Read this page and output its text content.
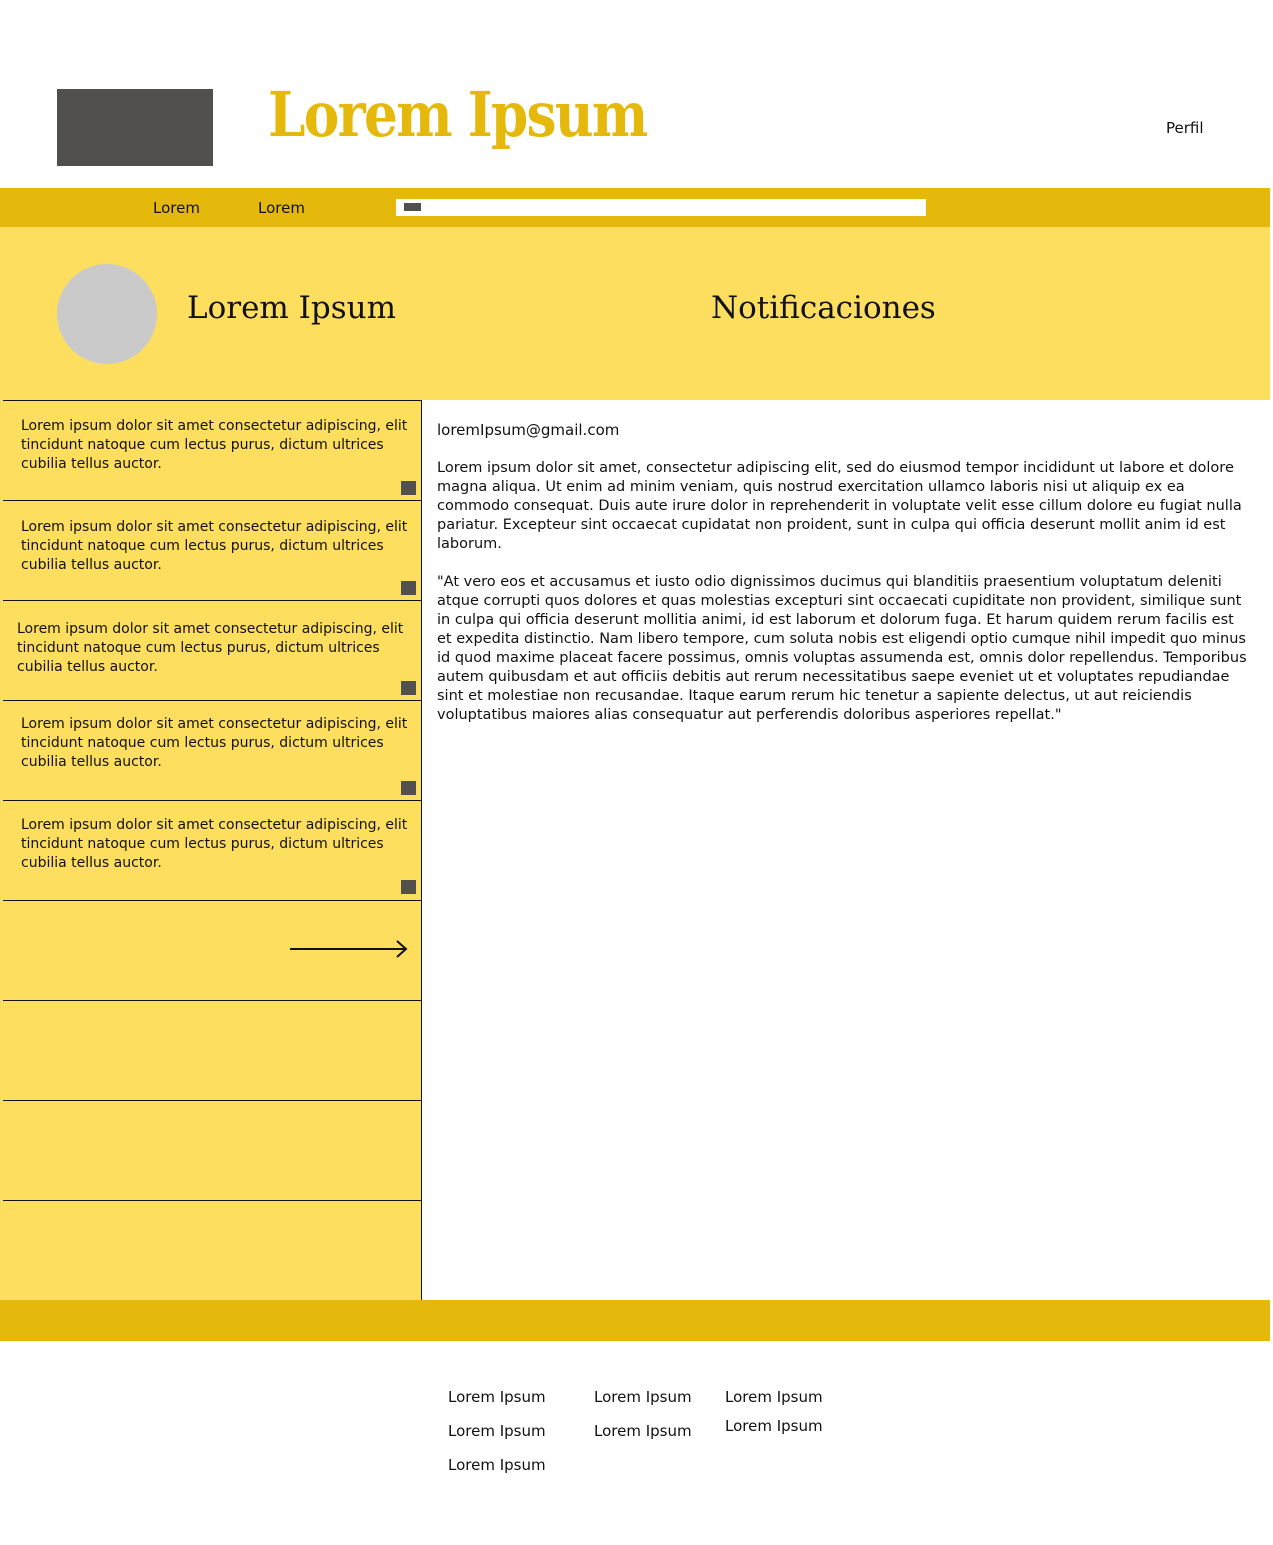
Lorem Ipsum	Perfil
Lorem	Lorem
Lorem Ipsum	Notificaciones

Lorem ipsum dolor sit amet consectetur adipiscing, elit tincidunt natoque cum lectus purus, dictum ultrices cubilia tellus auctor.

Lorem ipsum dolor sit amet consectetur adipiscing, elit tincidunt natoque cum lectus purus, dictum ultrices cubilia tellus auctor.

Lorem ipsum dolor sit amet consectetur adipiscing, elit tincidunt natoque cum lectus purus, dictum ultrices cubilia tellus auctor.

Lorem ipsum dolor sit amet consectetur adipiscing, elit tincidunt natoque cum lectus purus, dictum ultrices cubilia tellus auctor.

Lorem ipsum dolor sit amet consectetur adipiscing, elit tincidunt natoque cum lectus purus, dictum ultrices cubilia tellus auctor.

loremIpsum@gmail.com

Lorem ipsum dolor sit amet, consectetur adipiscing elit, sed do eiusmod tempor incididunt ut labore et dolore magna aliqua. Ut enim ad minim veniam, quis nostrud exercitation ullamco laboris nisi ut aliquip ex ea commodo consequat. Duis aute irure dolor in reprehenderit in voluptate velit esse cillum dolore eu fugiat nulla pariatur. Excepteur sint occaecat cupidatat non proident, sunt in culpa qui officia deserunt mollit anim id est laborum.

"At vero eos et accusamus et iusto odio dignissimos ducimus qui blanditiis praesentium voluptatum deleniti atque corrupti quos dolores et quas molestias excepturi sint occaecati cupiditate non provident, similique sunt in culpa qui officia deserunt mollitia animi, id est laborum et dolorum fuga. Et harum quidem rerum facilis est et expedita distinctio. Nam libero tempore, cum soluta nobis est eligendi optio cumque nihil impedit quo minus id quod maxime placeat facere possimus, omnis voluptas assumenda est, omnis dolor repellendus. Temporibus autem quibusdam et aut officiis debitis aut rerum necessitatibus saepe eveniet ut et voluptates repudiandae sint et molestiae non recusandae. Itaque earum rerum hic tenetur a sapiente delectus, ut aut reiciendis voluptatibus maiores alias consequatur aut perferendis doloribus asperiores repellat."

Lorem Ipsum
Lorem Ipsum
Lorem Ipsum
Lorem Ipsum
Lorem Ipsum
Lorem Ipsum
Lorem Ipsum
